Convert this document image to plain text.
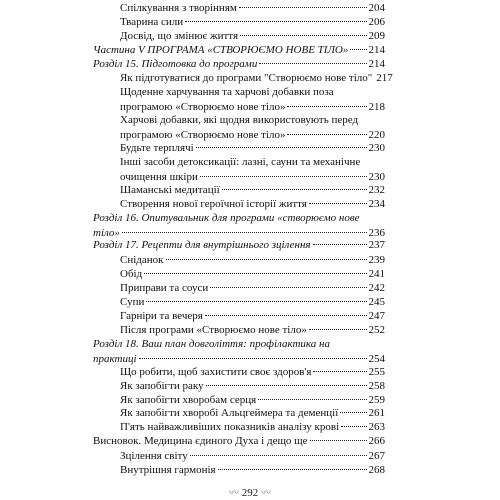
Спілкування з творінням	204
Тварина сили	206
Досвід, що змінює життя	209
Частина V ПРОГРАМА «СТВОРЮЄМО НОВЕ ТІЛО» 214
Розділ 15. Підготовка до програми	214
Як підготуватися до програми "Створюємо нове тіло" 217
Щоденне харчування та харчові добавки поза
програмою «Створюємо нове тіло»	218
Харчові добавки, які щодня використовують перед
програмою «Створюємо нове тіло»	220
Будьте терплячі	230
Інші засоби детоксикації: лазні, сауни та механічне
очищення шкіри	230
Шаманські медитації	232
Створення нової героїчної історії життя	234
Розділ 16. Опитувальник для програми «створюємо нове
тіло»	236
Розділ 17. Рецепти для внутрішнього зцілення	237
Сніданок	239
Обід	241
Приправи та соуси	242
Супи	245
Гарніри та вечеря	247
Після програми «Створюємо нове тіло»	252
Розділ 18. Ваш план довголіття: профілактика на
практиці	254
Що робити, щоб захистити своє здоров'я	255
Як запобігти раку	258
Як запобігти хворобам серця	259
Як запобігти хворобі Альцгеймера та деменції	261
П'ять найважливіших показників аналізу крові	263
Висновок. Медицина єдиного Духа і дещо ще	266
Зцілення світу	267
Внутрішня гармонія	268
〰 292 〰
